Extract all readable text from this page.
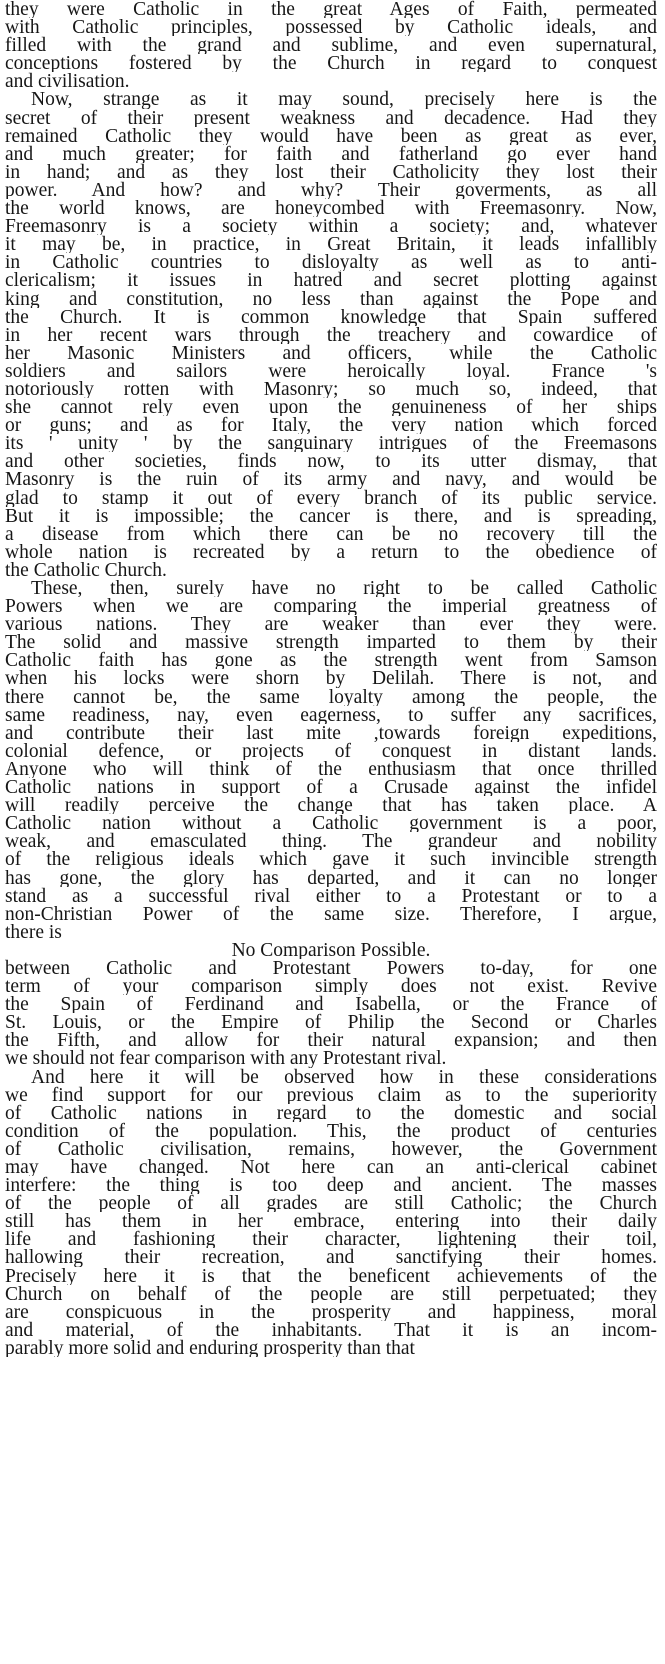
they were Catholic in the great Ages of Faith, permeated
with Catholic principles, possessed by Catholic ideals, and
filled with the grand and sublime, and even supernatural,
conceptions fostered by the Church in regard to conquest
and civilisation.
Now, strange as it may sound, precisely here is the
secret of their present weakness and decadence. Had they
remained Catholic they would have been as great as ever,
and much greater; for faith and fatherland go ever hand
in hand; and as they lost their Catholicity they lost their
power. And how? and why? Their goverments, as all
the world knows, are honeycombed with Freemasonry. Now,
Freemasonry is a society within a society; and, whatever
it may be, in practice, in Great Britain, it leads infallibly
in Catholic countries to disloyalty as well as to anti-
clericalism; it issues in hatred and secret plotting against
king and constitution, no less than against the Pope and
the Church. It is common knowledge that Spain suffered
in her recent wars through the treachery and cowardice of
her Masonic Ministers and officers, while the Catholic
soldiers and sailors were heroically loyal. France 's
notoriously rotten with Masonry; so much so, indeed, that
she cannot rely even upon the genuineness of her ships
or guns; and as for Italy, the very nation which forced
its ' unity ' by the sanguinary intrigues of the Freemasons
and other societies, finds now, to its utter dismay, that
Masonry is the ruin of its army and navy, and would be
glad to stamp it out of every branch of its public service.
But it is impossible; the cancer is there, and is spreading,
a disease from which there can be no recovery till the
whole nation is recreated by a return to the obedience of
the Catholic Church.
These, then, surely have no right to be called Catholic
Powers when we are comparing the imperial greatness of
various nations. They are weaker than ever they were.
The solid and massive strength imparted to them by their
Catholic faith has gone as the strength went from Samson
when his locks were shorn by Delilah. There is not, and
there cannot be, the same loyalty among the people, the
same readiness, nay, even eagerness, to suffer any sacrifices,
and contribute their last mite ,towards foreign expeditions,
colonial defence, or projects of conquest in distant lands.
Anyone who will think of the enthusiasm that once thrilled
Catholic nations in support of a Crusade against the infidel
will readily perceive the change that has taken place. A
Catholic nation without a Catholic government is a poor,
weak, and emasculated thing. The grandeur and nobility
of the religious ideals which gave it such invincible strength
has gone, the glory has departed, and it can no longer
stand as a successful rival either to a Protestant or to a
non-Christian Power of the same size. Therefore, I argue,
there is
No Comparison Possible.
between Catholic and Protestant Powers to-day, for one
term of your comparison simply does not exist. Revive
the Spain of Ferdinand and Isabella, or the France of
St. Louis, or the Empire of Philip the Second or Charles
the Fifth, and allow for their natural expansion; and then
we should not fear comparison with any Protestant rival.
And here it will be observed how in these considerations
we find support for our previous claim as to the superiority
of Catholic nations in regard to the domestic and social
condition of the population. This, the product of centuries
of Catholic civilisation, remains, however, the Government
may have changed. Not here can an anti-clerical cabinet
interfere: the thing is too deep and ancient. The masses
of the people of all grades are still Catholic; the Church
still has them in her embrace, entering into their daily
life and fashioning their character, lightening their toil,
hallowing their recreation, and sanctifying their homes.
Precisely here it is that the beneficent achievements of the
Church on behalf of the people are still perpetuated; they
are conspicuous in the prosperity and happiness, moral
and material, of the inhabitants. That it is an incom-
parably more solid and enduring prosperity than that
